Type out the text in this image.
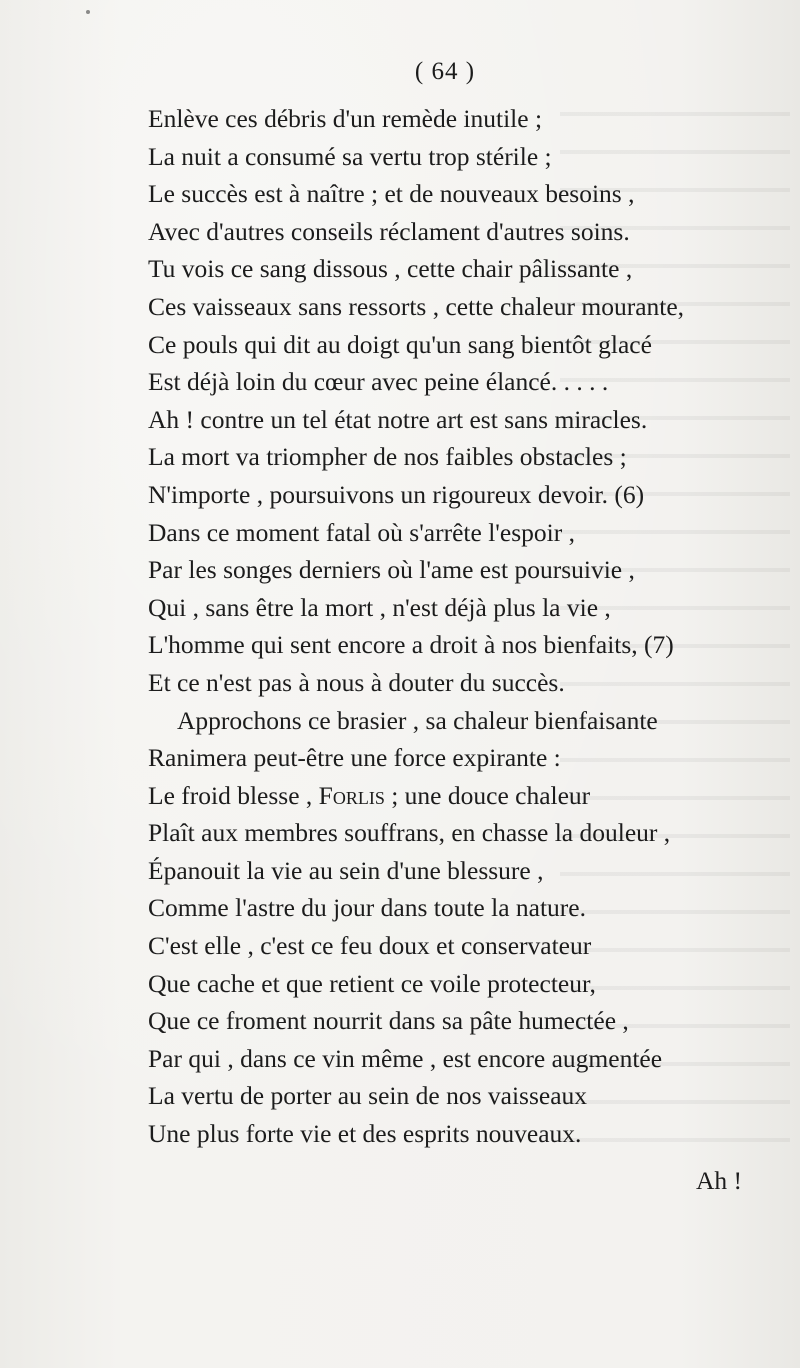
( 64 )
Enlève ces débris d'un remède inutile ;
La nuit a consumé sa vertu trop stérile ;
Le succès est à naître ; et de nouveaux besoins ,
Avec d'autres conseils réclament d'autres soins.
Tu vois ce sang dissous , cette chair pâlissante ,
Ces vaisseaux sans ressorts , cette chaleur mourante,
Ce pouls qui dit au doigt qu'un sang bientôt glacé
Est déjà loin du cœur avec peine élancé. . . . .
Ah ! contre un tel état notre art est sans miracles.
La mort va triompher de nos faibles obstacles ;
N'importe , poursuivons un rigoureux devoir. (6)
Dans ce moment fatal où s'arrête l'espoir ,
Par les songes derniers où l'ame est poursuivie ,
Qui , sans être la mort , n'est déjà plus la vie ,
L'homme qui sent encore a droit à nos bienfaits, (7)
Et ce n'est pas à nous à douter du succès.
Approchons ce brasier , sa chaleur bienfaisante
Ranimera peut-être une force expirante :
Le froid blesse , Forlis ; une douce chaleur
Plaît aux membres souffrans, en chasse la douleur ,
Épanouit la vie au sein d'une blessure ,
Comme l'astre du jour dans toute la nature.
C'est elle , c'est ce feu doux et conservateur
Que cache et que retient ce voile protecteur,
Que ce froment nourrit dans sa pâte humectée ,
Par qui , dans ce vin même , est encore augmentée
La vertu de porter au sein de nos vaisseaux
Une plus forte vie et des esprits nouveaux.
Ah !
